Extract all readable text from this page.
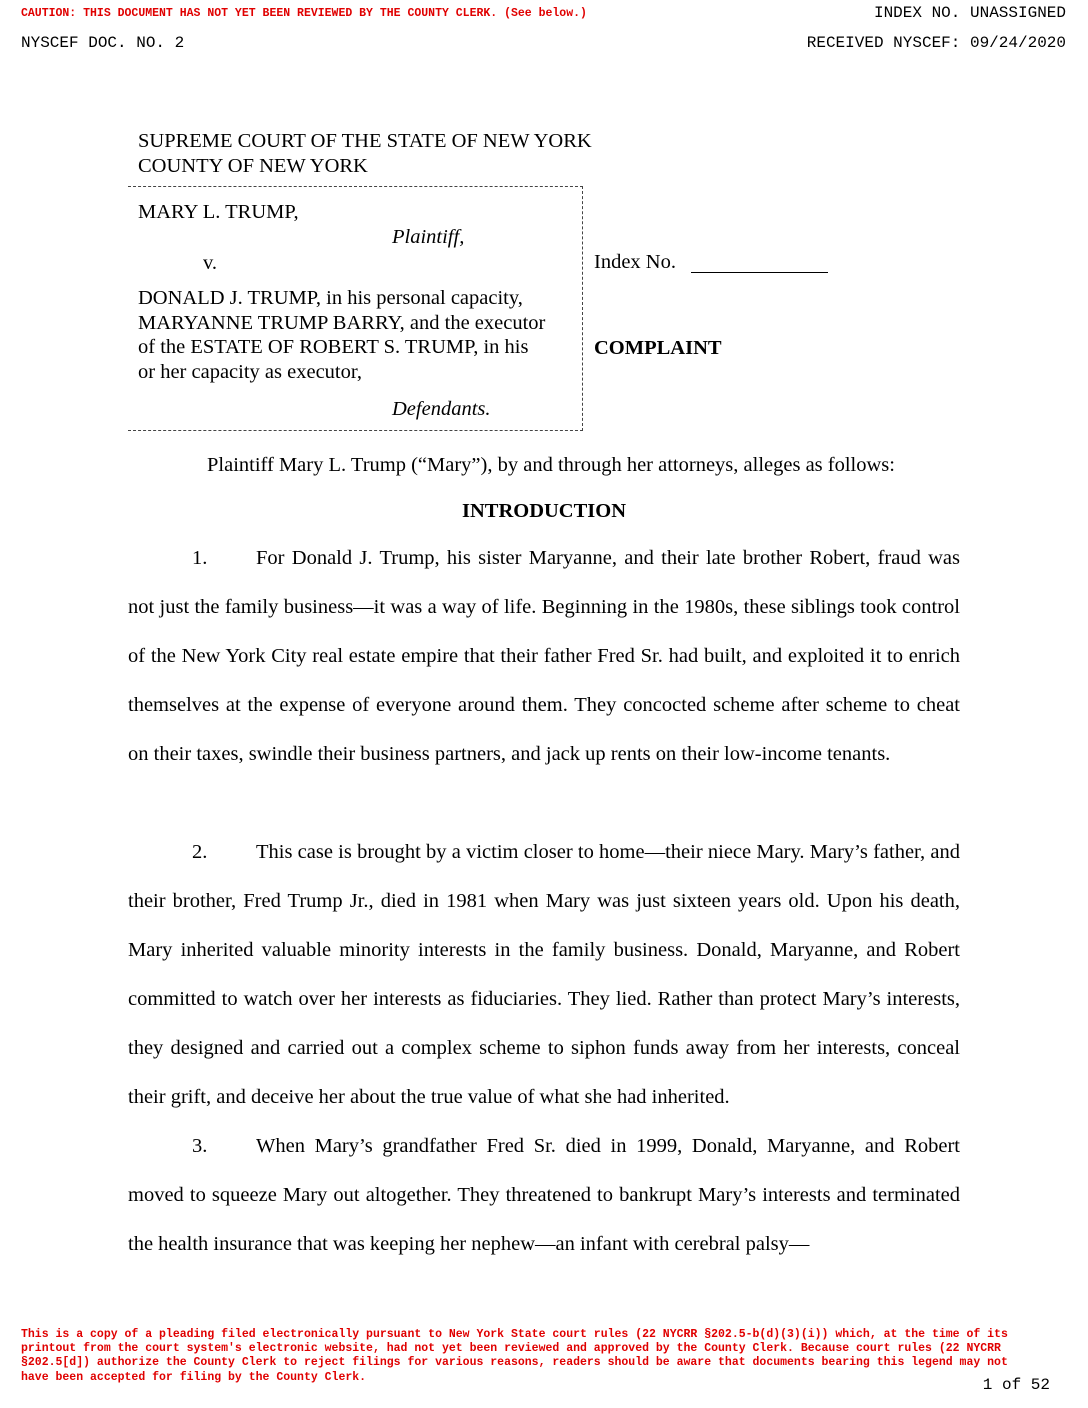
CAUTION: THIS DOCUMENT HAS NOT YET BEEN REVIEWED BY THE COUNTY CLERK. (See below.)	INDEX NO. UNASSIGNED
NYSCEF DOC. NO. 2	RECEIVED NYSCEF: 09/24/2020
SUPREME COURT OF THE STATE OF NEW YORK
COUNTY OF NEW YORK
MARY L. TRUMP,
Plaintiff,
v.
DONALD J. TRUMP, in his personal capacity,
MARYANNE TRUMP BARRY, and the executor
of the ESTATE OF ROBERT S. TRUMP, in his
or her capacity as executor,
Defendants.
Index No.
COMPLAINT
Plaintiff Mary L. Trump (“Mary”), by and through her attorneys, alleges as follows:
INTRODUCTION
1. For Donald J. Trump, his sister Maryanne, and their late brother Robert, fraud was not just the family business—it was a way of life. Beginning in the 1980s, these siblings took control of the New York City real estate empire that their father Fred Sr. had built, and exploited it to enrich themselves at the expense of everyone around them. They concocted scheme after scheme to cheat on their taxes, swindle their business partners, and jack up rents on their low-income tenants.
2. This case is brought by a victim closer to home—their niece Mary. Mary’s father, and their brother, Fred Trump Jr., died in 1981 when Mary was just sixteen years old. Upon his death, Mary inherited valuable minority interests in the family business. Donald, Maryanne, and Robert committed to watch over her interests as fiduciaries. They lied. Rather than protect Mary’s interests, they designed and carried out a complex scheme to siphon funds away from her interests, conceal their grift, and deceive her about the true value of what she had inherited.
3. When Mary’s grandfather Fred Sr. died in 1999, Donald, Maryanne, and Robert moved to squeeze Mary out altogether. They threatened to bankrupt Mary’s interests and terminated the health insurance that was keeping her nephew—an infant with cerebral palsy—
This is a copy of a pleading filed electronically pursuant to New York State court rules (22 NYCRR §202.5-b(d)(3)(i)) which, at the time of its printout from the court system's electronic website, had not yet been reviewed and approved by the County Clerk. Because court rules (22 NYCRR §202.5[d]) authorize the County Clerk to reject filings for various reasons, readers should be aware that documents bearing this legend may not have been accepted for filing by the County Clerk.	1 of 52
